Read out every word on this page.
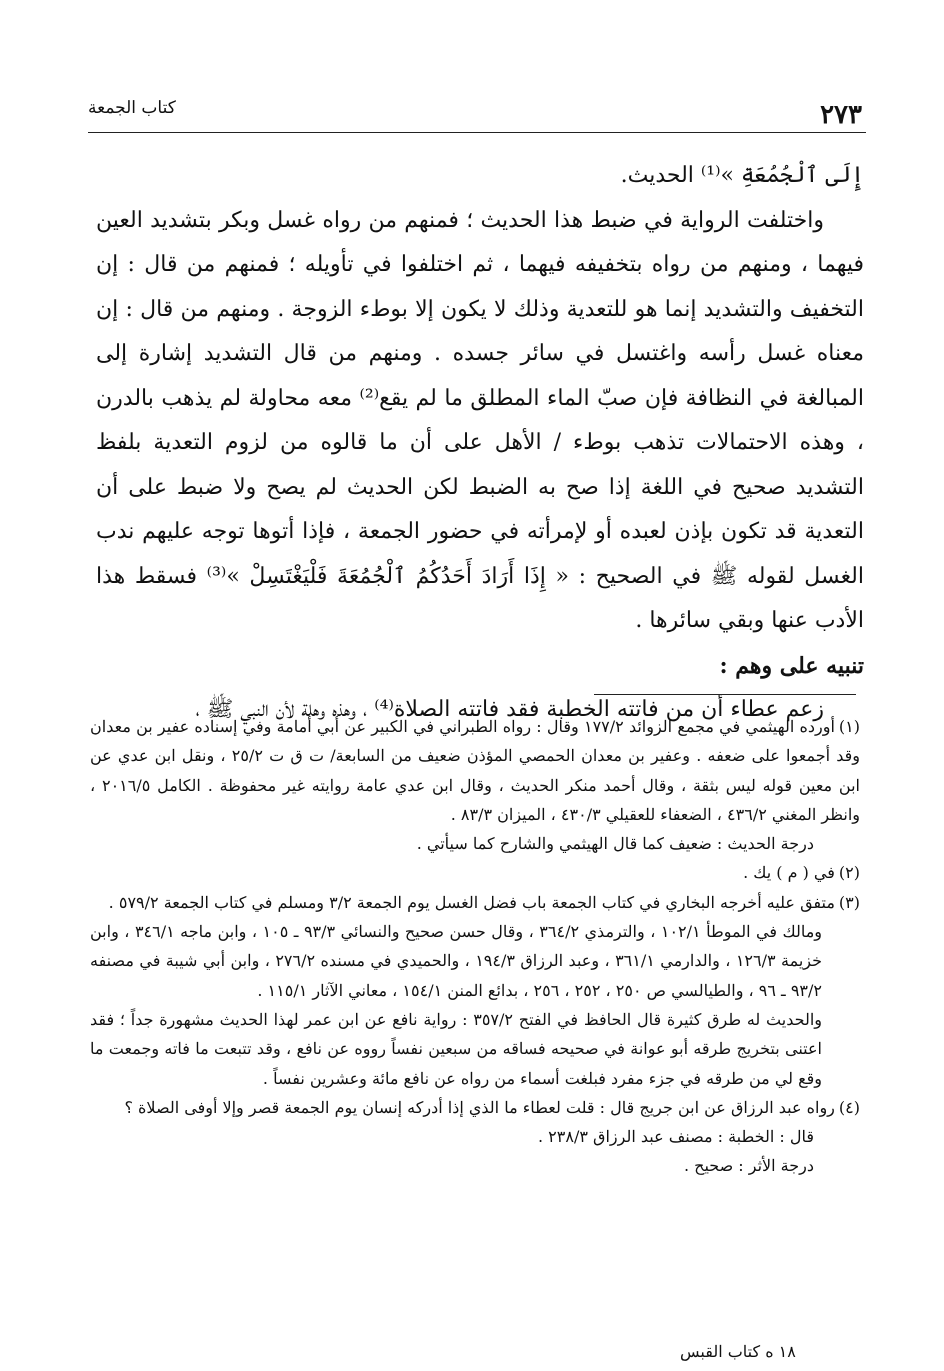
٢٧٣
كتاب الجمعة

إِلَى ٱلْجُمُعَةِ »⁽¹⁾ الحديث.

واختلفت الرواية في ضبط هذا الحديث ؛ فمنهم من رواه غسل وبكر بتشديد العين فيهما ، ومنهم من رواه بتخفيفه فيهما ، ثم اختلفوا في تأويله ؛ فمنهم من قال : إن التخفيف والتشديد إنما هو للتعدية وذلك لا يكون إلا بوطء الزوجة . ومنهم من قال : إن معناه غسل رأسه واغتسل في سائر جسده . ومنهم من قال التشديد إشارة إلى المبالغة في النظافة فإن صبّ الماء المطلق ما لم يقع⁽²⁾ معه محاولة لم يذهب بالدرن ، وهذه الاحتمالات تذهب بوطء / الأهل على أن ما قالوه من لزوم التعدية بلفظ التشديد صحيح في اللغة إذا صح به الضبط لكن الحديث لم يصح ولا ضبط على أن التعدية قد تكون بإذن لعبده أو لإمرأته في حضور الجمعة ، فإذا أتوها توجه عليهم ندب الغسل لقوله ﷺ في الصحيح : « إِذَا أَرَادَ أَحَدُكُمُ ٱلْجُمُعَةَ فَلْيَغْتَسِلْ »⁽³⁾ فسقط هذا الأدب عنها وبقي سائرها .

تنبيه على وهم :

زعم عطاء أن من فاتته الخطبة فقد فاتته الصلاة⁽⁴⁾ ، وهذه وهلة لأن النبي ﷺ ،

(١)أورده الهيثمي في مجمع الزوائد ١٧٧/٢ وقال : رواه الطبراني في الكبير عن أبي أمامة وفي إسناده عفير بن معدان وقد أجمعوا على ضعفه . وعفير بن معدان الحمصي المؤذن ضعيف من السابعة/ ت ق ت ٢٥/٢ ، ونقل ابن عدي عن ابن معين قوله ليس بثقة ، وقال أحمد منكر الحديث ، وقال ابن عدي عامة روايته غير محفوظة . الكامل ٢٠١٦/٥ ، وانظر المغني ٤٣٦/٢ ، الضعفاء للعقيلي ٤٣٠/٣ ، الميزان ٨٣/٣ .

درجة الحديث : ضعيف كما قال الهيثمي والشارح كما سيأتي .

(٢)في ( م ) يك .

(٣)متفق عليه أخرجه البخاري في كتاب الجمعة باب فضل الغسل يوم الجمعة ٣/٢ ومسلم في كتاب الجمعة ٥٧٩/٢ .

ومالك في الموطأ ١٠٢/١ ، والترمذي ٣٦٤/٢ ، وقال حسن صحيح والنسائي ٩٣/٣ ـ ١٠٥ ، وابن ماجه ٣٤٦/١ ، وابن خزيمة ١٢٦/٣ ، والدارمي ٣٦١/١ ، وعبد الرزاق ١٩٤/٣ ، والحميدي في مسنده ٢٧٦/٢ ، وابن أبي شيبة في مصنفه ٩٣/٢ ـ ٩٦ ، والطيالسي ص ٢٥٠ ، ٢٥٢ ، ٢٥٦ ، بدائع المنن ١٥٤/١ ، معاني الآثار ١١٥/١ .

والحديث له طرق كثيرة قال الحافظ في الفتح ٣٥٧/٢ : رواية نافع عن ابن عمر لهذا الحديث مشهورة جداً ؛ فقد اعتنى بتخريج طرقه أبو عوانة في صحيحه فساقه من سبعين نفساً رووه عن نافع ، وقد تتبعت ما فاته وجمعت ما وقع لي من طرقه في جزء مفرد فبلغت أسماء من رواه عن نافع مائة وعشرين نفساً .

(٤)رواه عبد الرزاق عن ابن جريج قال : قلت لعطاء ما الذي إذا أدركه إنسان يوم الجمعة قصر وإلا أوفى الصلاة ؟

قال : الخطبة : مصنف عبد الرزاق ٢٣٨/٣ .

درجة الأثر : صحيح .

١٨ ه كتاب القبس
